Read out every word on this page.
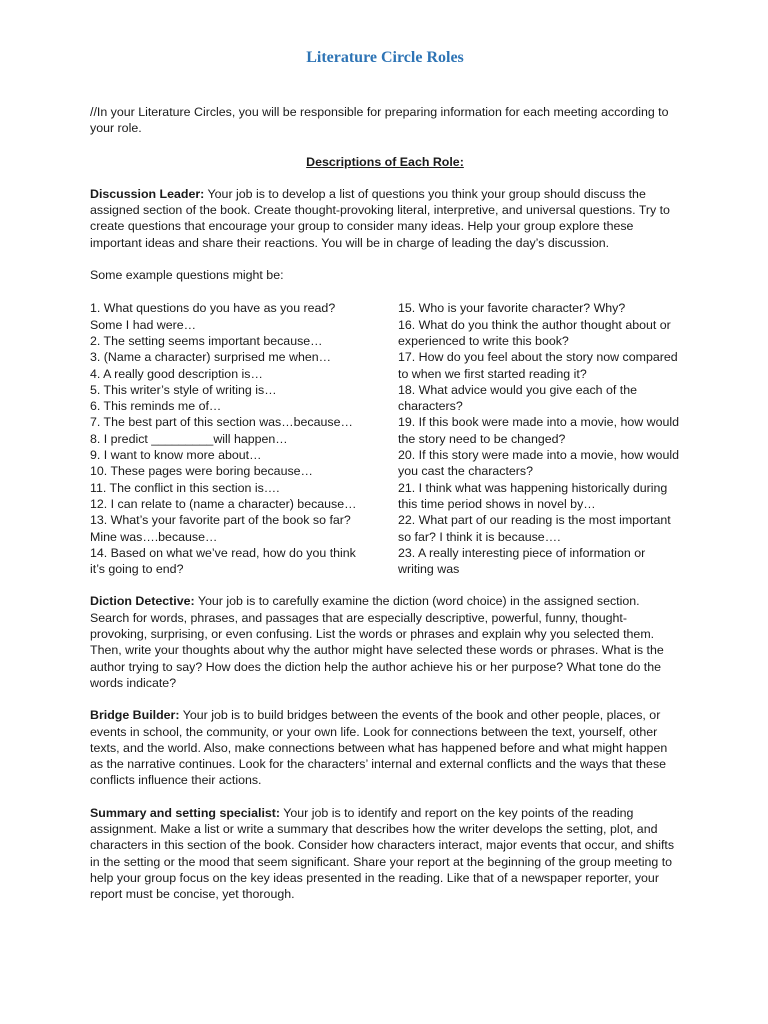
Literature Circle Roles

//In your Literature Circles, you will be responsible for preparing information for each meeting according to your role.

Descriptions of Each Role:

Discussion Leader: Your job is to develop a list of questions you think your group should discuss the assigned section of the book. Create thought-provoking literal, interpretive, and universal questions. Try to create questions that encourage your group to consider many ideas. Help your group explore these important ideas and share their reactions. You will be in charge of leading the day’s discussion.

Some example questions might be:

1. What questions do you have as you read? Some I had were…
2. The setting seems important because…
3. (Name a character) surprised me when…
4. A really good description is…
5. This writer’s style of writing is…
6. This reminds me of…
7. The best part of this section was…because…
8. I predict _________will happen…
9. I want to know more about…
10. These pages were boring because…
11. The conflict in this section is….
12. I can relate to (name a character) because…
13. What’s your favorite part of the book so far? Mine was….because…
14. Based on what we’ve read, how do you think it’s going to end?
15. Who is your favorite character? Why?
16. What do you think the author thought about or experienced to write this book?
17. How do you feel about the story now compared to when we first started reading it?
18. What advice would you give each of the characters?
19. If this book were made into a movie, how would the story need to be changed?
20. If this story were made into a movie, how would you cast the characters?
21. I think what was happening historically during this time period shows in novel by…
22. What part of our reading is the most important so far? I think it is because….
23. A really interesting piece of information or writing was

Diction Detective: Your job is to carefully examine the diction (word choice) in the assigned section. Search for words, phrases, and passages that are especially descriptive, powerful, funny, thought-provoking, surprising, or even confusing. List the words or phrases and explain why you selected them. Then, write your thoughts about why the author might have selected these words or phrases. What is the author trying to say? How does the diction help the author achieve his or her purpose? What tone do the words indicate?

Bridge Builder: Your job is to build bridges between the events of the book and other people, places, or events in school, the community, or your own life. Look for connections between the text, yourself, other texts, and the world. Also, make connections between what has happened before and what might happen as the narrative continues. Look for the characters’ internal and external conflicts and the ways that these conflicts influence their actions.

Summary and setting specialist: Your job is to identify and report on the key points of the reading assignment. Make a list or write a summary that describes how the writer develops the setting, plot, and characters in this section of the book. Consider how characters interact, major events that occur, and shifts in the setting or the mood that seem significant. Share your report at the beginning of the group meeting to help your group focus on the key ideas presented in the reading. Like that of a newspaper reporter, your report must be concise, yet thorough.
